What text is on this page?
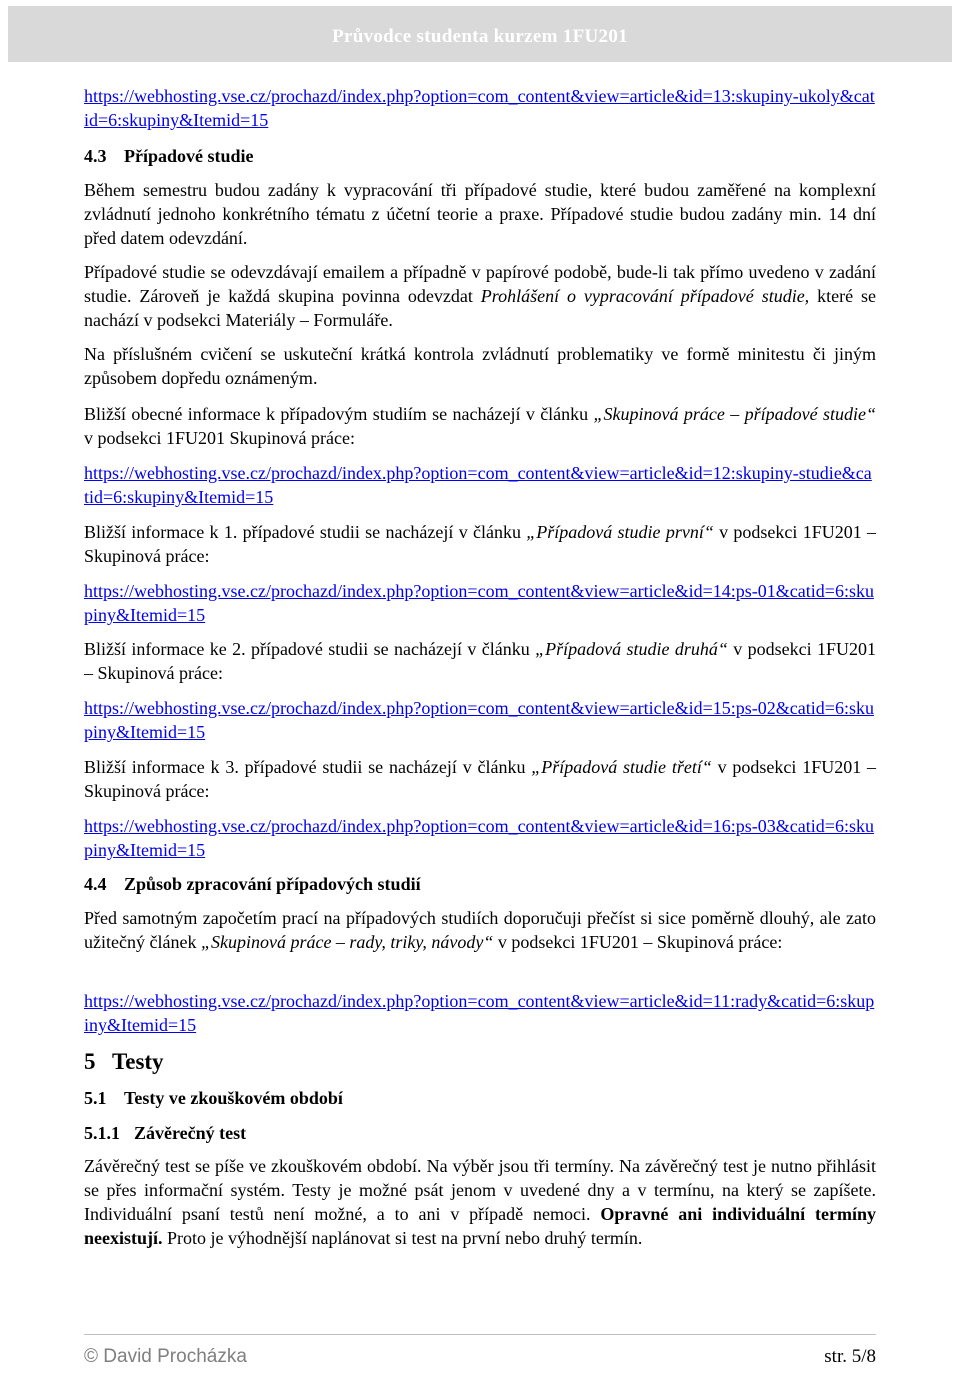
Průvodce studenta kurzem 1FU201
https://webhosting.vse.cz/prochazd/index.php?option=com_content&view=article&id=13:skupiny-ukoly&catid=6:skupiny&Itemid=15
4.3 Případové studie

Během semestru budou zadány k vypracování tři případové studie, které budou zaměřené na komplexní zvládnutí jednoho konkrétního tématu z účetní teorie a praxe. Případové studie budou zadány min. 14 dní před datem odevzdání.

Případové studie se odevzdávají emailem a případně v papírové podobě, bude-li tak přímo uvedeno v zadání studie. Zároveň je každá skupina povinna odevzdat Prohlášení o vypracování případové studie, které se nachází v podsekci Materiály – Formuláře.

Na příslušném cvičení se uskuteční krátká kontrola zvládnutí problematiky ve formě minitestu či jiným způsobem dopředu oznámeným.

Bližší obecné informace k případovým studiím se nacházejí v článku „Skupinová práce – případové studie“ v podsekci 1FU201 Skupinová práce:

https://webhosting.vse.cz/prochazd/index.php?option=com_content&view=article&id=12:skupiny-studie&catid=6:skupiny&Itemid=15

Bližší informace k 1. případové studii se nacházejí v článku „Případová studie první“ v podsekci 1FU201 – Skupinová práce:

https://webhosting.vse.cz/prochazd/index.php?option=com_content&view=article&id=14:ps-01&catid=6:skupiny&Itemid=15

Bližší informace ke 2. případové studii se nacházejí v článku „Případová studie druhá“ v podsekci 1FU201 – Skupinová práce:

https://webhosting.vse.cz/prochazd/index.php?option=com_content&view=article&id=15:ps-02&catid=6:skupiny&Itemid=15

Bližší informace k 3. případové studii se nacházejí v článku „Případová studie třetí“ v podsekci 1FU201 – Skupinová práce:

https://webhosting.vse.cz/prochazd/index.php?option=com_content&view=article&id=16:ps-03&catid=6:skupiny&Itemid=15
4.4 Způsob zpracování případových studií

Před samotným započetím prací na případových studiích doporučuji přečíst si sice poměrně dlouhý, ale zato užitečný článek „Skupinová práce – rady, triky, návody“ v podsekci 1FU201 – Skupinová práce:

https://webhosting.vse.cz/prochazd/index.php?option=com_content&view=article&id=11:rady&catid=6:skupiny&Itemid=15
5 Testy
5.1 Testy ve zkouškovém období
5.1.1 Závěrečný test

Závěrečný test se píše ve zkouškovém období. Na výběr jsou tři termíny. Na závěrečný test je nutno přihlásit se přes informační systém. Testy je možné psát jenom v uvedené dny a v termínu, na který se zapíšete. Individuální psaní testů není možné, a to ani v případě nemoci. Opravné ani individuální termíny neexistují. Proto je výhodnější naplánovat si test na první nebo druhý termín.

© David Procházka	str. 5/8
